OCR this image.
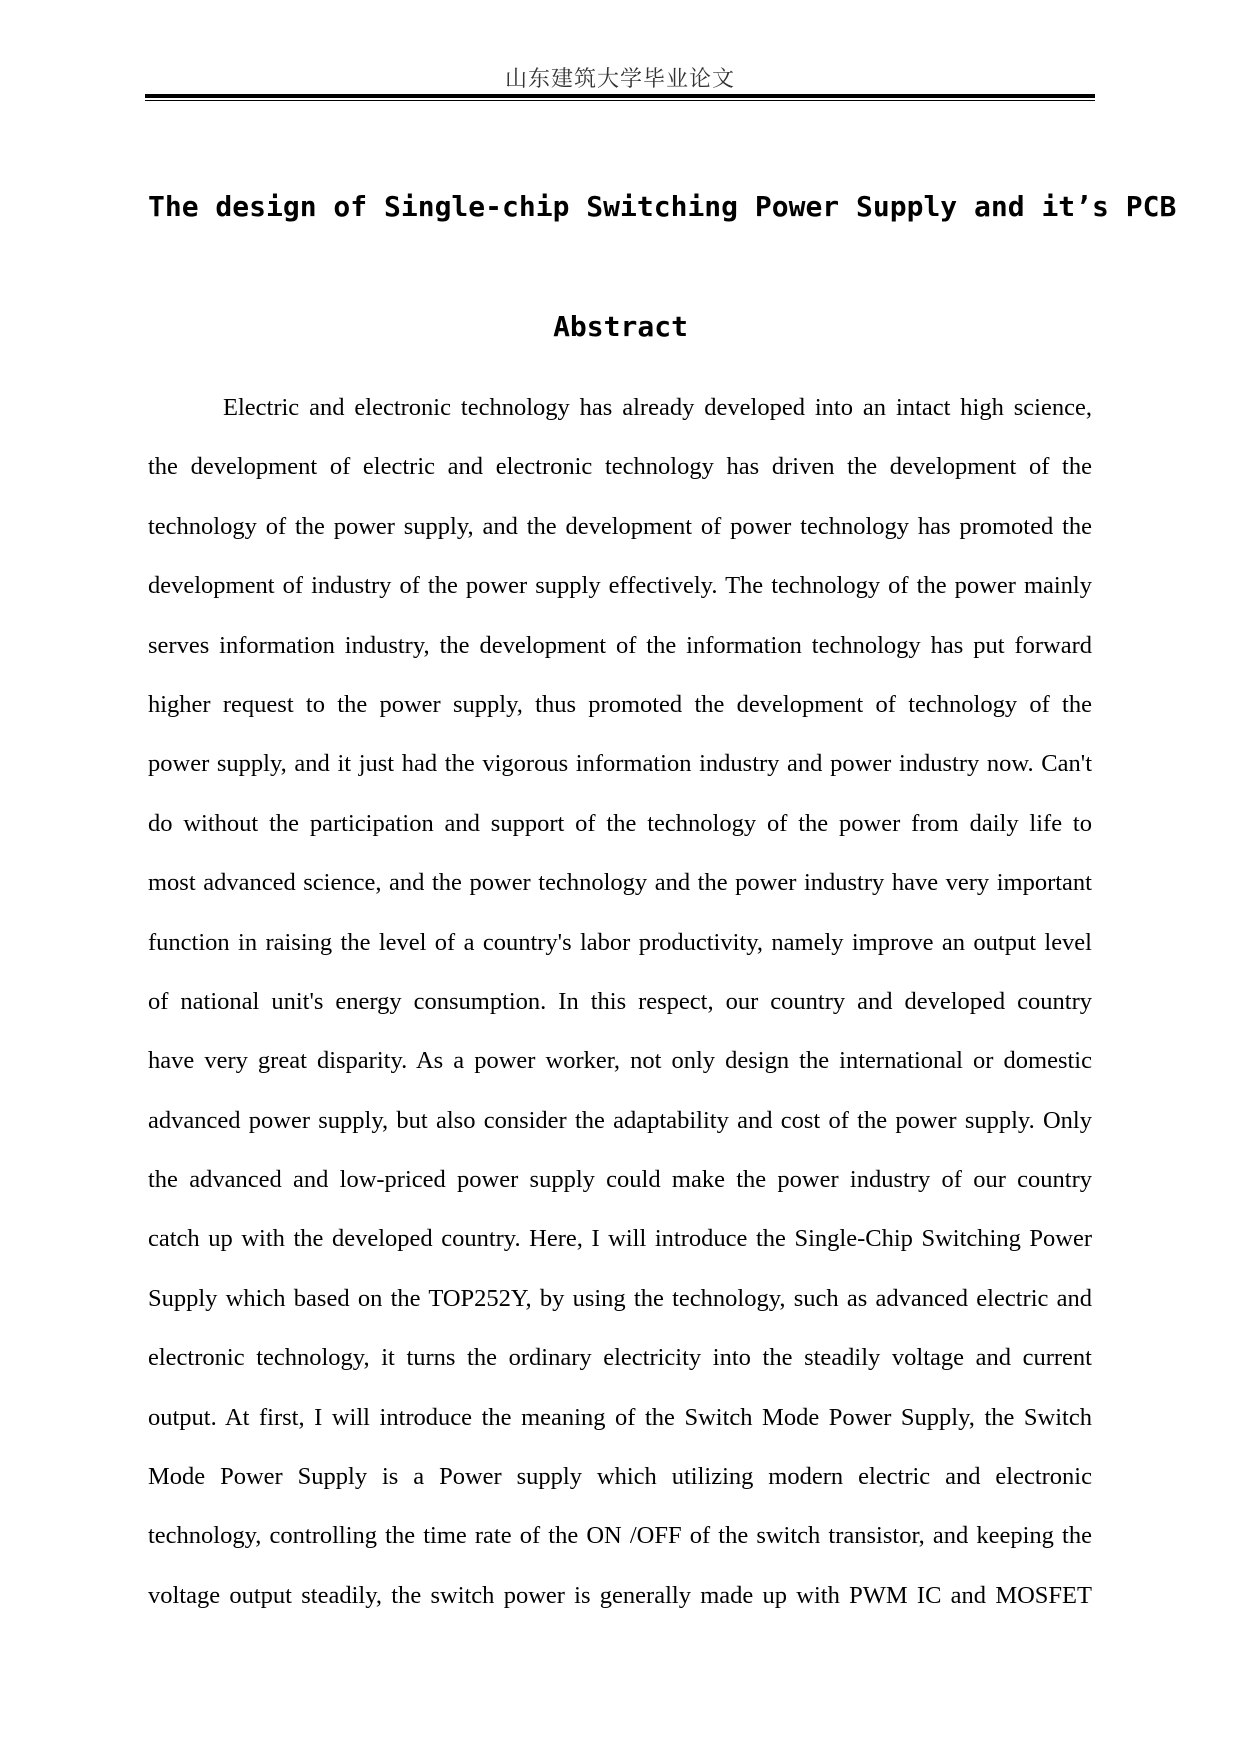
山东建筑大学毕业论文
The design of Single-chip Switching Power Supply and it’s PCB
Abstract
Electric and electronic technology has already developed into an intact high science,
the development of electric and electronic technology has driven the development of the
technology of the power supply, and the development of power technology has promoted the
development of industry of the power supply effectively. The technology of the power mainly
serves information industry, the development of the information technology has put forward
higher request to the power supply, thus promoted the development of technology of the
power supply, and it just had the vigorous information industry and power industry now. Can't
do without the participation and support of the technology of the power from daily life to
most advanced science, and the power technology and the power industry have very important
function in raising the level of a country's labor productivity, namely improve an output level
of national unit's energy consumption. In this respect, our country and developed country
have very great disparity. As a power worker, not only design the international or domestic
advanced power supply, but also consider the adaptability and cost of the power supply. Only
the advanced and low-priced power supply could make the power industry of our country
catch up with the developed country. Here, I will introduce the Single-Chip Switching Power
Supply which based on the TOP252Y, by using the technology, such as advanced electric and
electronic technology, it turns the ordinary electricity into the steadily voltage and current
output. At first, I will introduce the meaning of the Switch Mode Power Supply, the Switch
Mode Power Supply is a Power supply which utilizing modern electric and electronic
technology, controlling the time rate of the ON /OFF of the switch transistor, and keeping the
voltage output steadily, the switch power is generally made up with PWM IC and MOSFET
